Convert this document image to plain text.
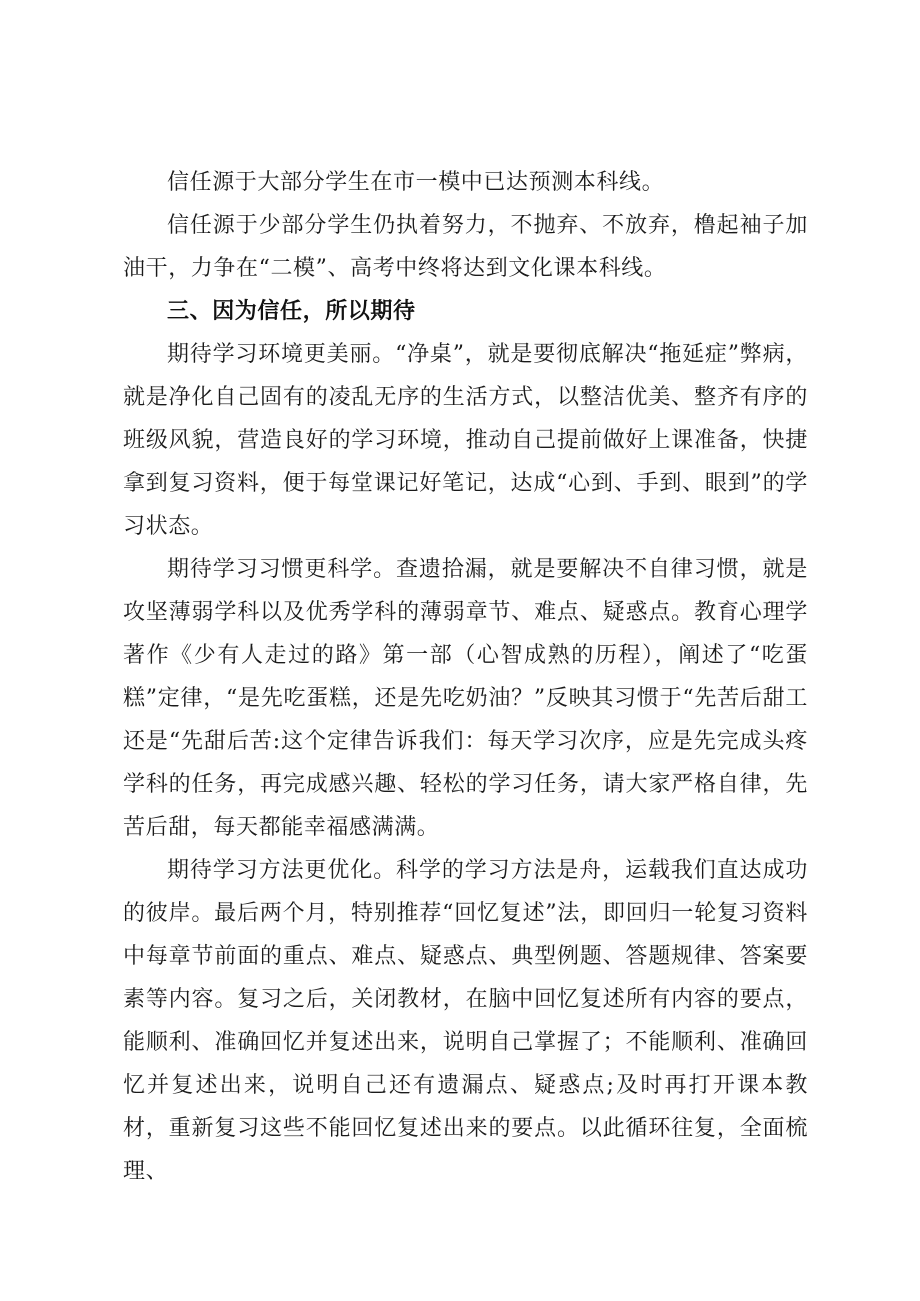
信任源于大部分学生在市一模中已达预测本科线。

信任源于少部分学生仍执着努力，不抛弃、不放弃，橹起袖子加油干，力争在“二模”、高考中终将达到文化课本科线。

三、因为信任，所以期待

期待学习环境更美丽。“净桌”，就是要彻底解决“拖延症”弊病，就是净化自己固有的凌乱无序的生活方式，以整洁优美、整齐有序的班级风貌，营造良好的学习环境，推动自己提前做好上课准备，快捷拿到复习资料，便于每堂课记好笔记，达成“心到、手到、眼到”的学习状态。

期待学习习惯更科学。查遗拾漏，就是要解决不自律习惯，就是攻坚薄弱学科以及优秀学科的薄弱章节、难点、疑惑点。教育心理学著作《少有人走过的路》第一部（心智成熟的历程），阐述了“吃蛋糕”定律，“是先吃蛋糕，还是先吃奶油？”反映其习惯于“先苦后甜工还是“先甜后苦:这个定律告诉我们：每天学习次序，应是先完成头疼学科的任务，再完成感兴趣、轻松的学习任务，请大家严格自律，先苦后甜，每天都能幸福感满满。

期待学习方法更优化。科学的学习方法是舟，运载我们直达成功的彼岸。最后两个月，特别推荐“回忆复述”法，即回归一轮复习资料中每章节前面的重点、难点、疑惑点、典型例题、答题规律、答案要素等内容。复习之后，关闭教材，在脑中回忆复述所有内容的要点，能顺利、准确回忆并复述出来，说明自己掌握了；不能顺利、准确回忆并复述出来，说明自己还有遗漏点、疑惑点;及时再打开课本教材，重新复习这些不能回忆复述出来的要点。以此循环往复，全面梳理、
